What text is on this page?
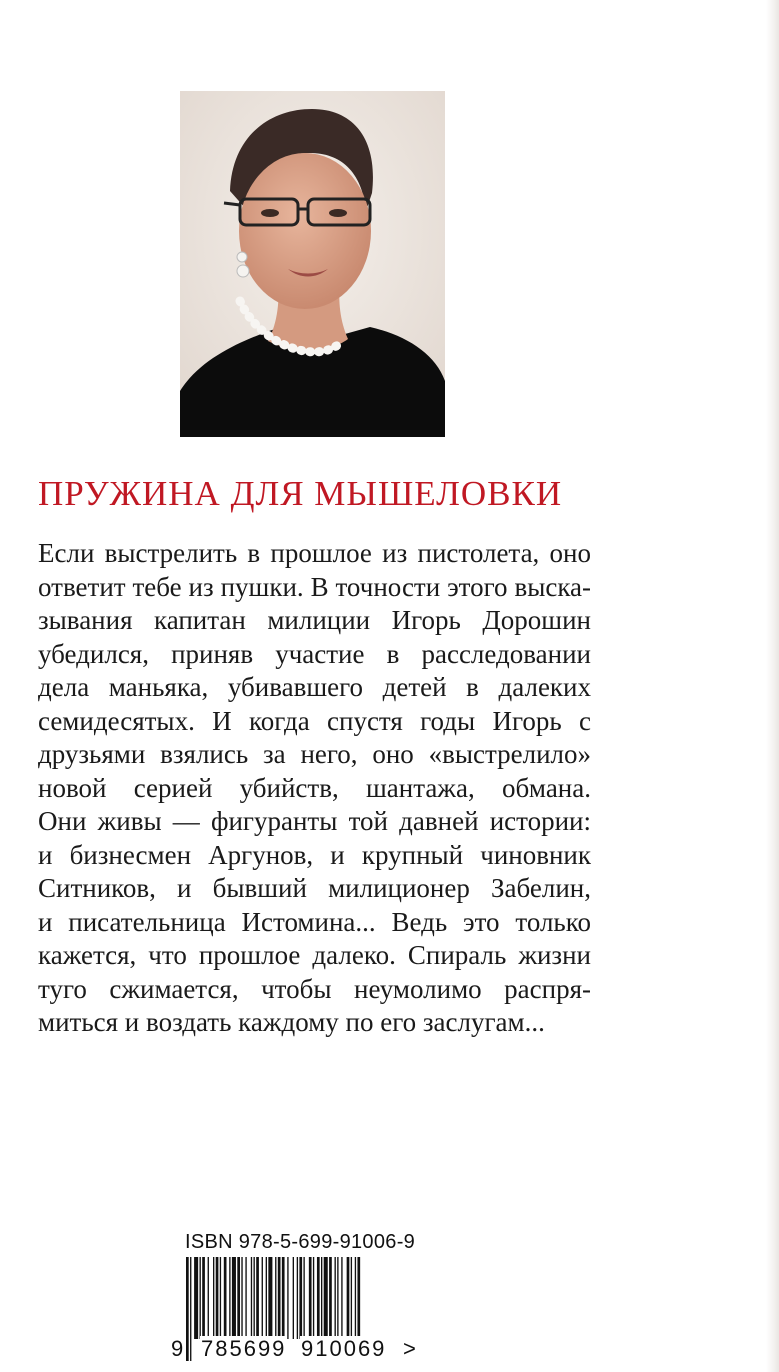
ПРУЖИНА ДЛЯ МЫШЕЛОВКИ
Если выстрелить в прошлое из пистолета, оно
ответит тебе из пушки. В точности этого выска-
зывания капитан милиции Игорь Дорошин
убедился, приняв участие в расследовании
дела маньяка, убивавшего детей в далеких
семидесятых. И когда спустя годы Игорь с
друзьями взялись за него, оно «выстрелило»
новой серией убийств, шантажа, обмана.
Они живы — фигуранты той давней истории:
и бизнесмен Аргунов, и крупный чиновник
Ситников, и бывший милиционер Забелин,
и писательница Истомина... Ведь это только
кажется, что прошлое далеко. Спираль жизни
туго сжимается, чтобы неумолимо распря-
миться и воздать каждому по его заслугам...
ISBN 978-5-699-91006-9
9 785699 910069 >
